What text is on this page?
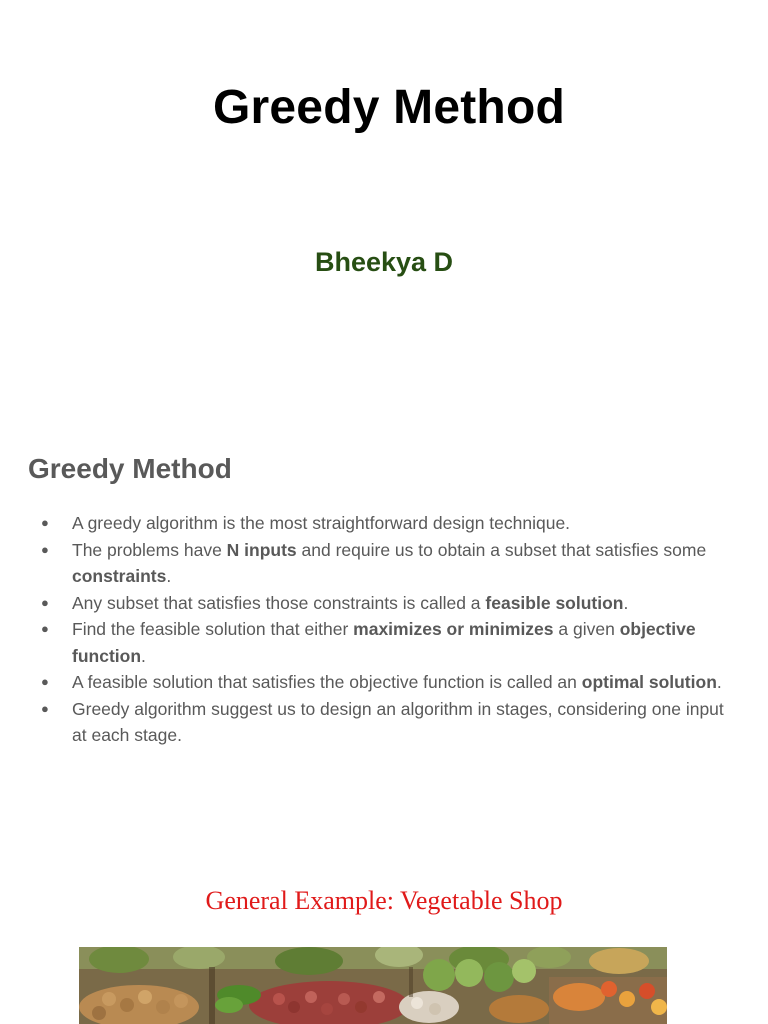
Greedy Method
Bheekya D
Greedy Method
● A greedy algorithm is the most straightforward design technique.
● The problems have N inputs and require us to obtain a subset that satisfies some constraints.
● Any subset that satisfies those constraints is called a feasible solution.
● Find the feasible solution that either maximizes or minimizes a given objective function.
● A feasible solution that satisfies the objective function is called an optimal solution.
● Greedy algorithm suggest us to design an algorithm in stages, considering one input at each stage.
General Example: Vegetable Shop
